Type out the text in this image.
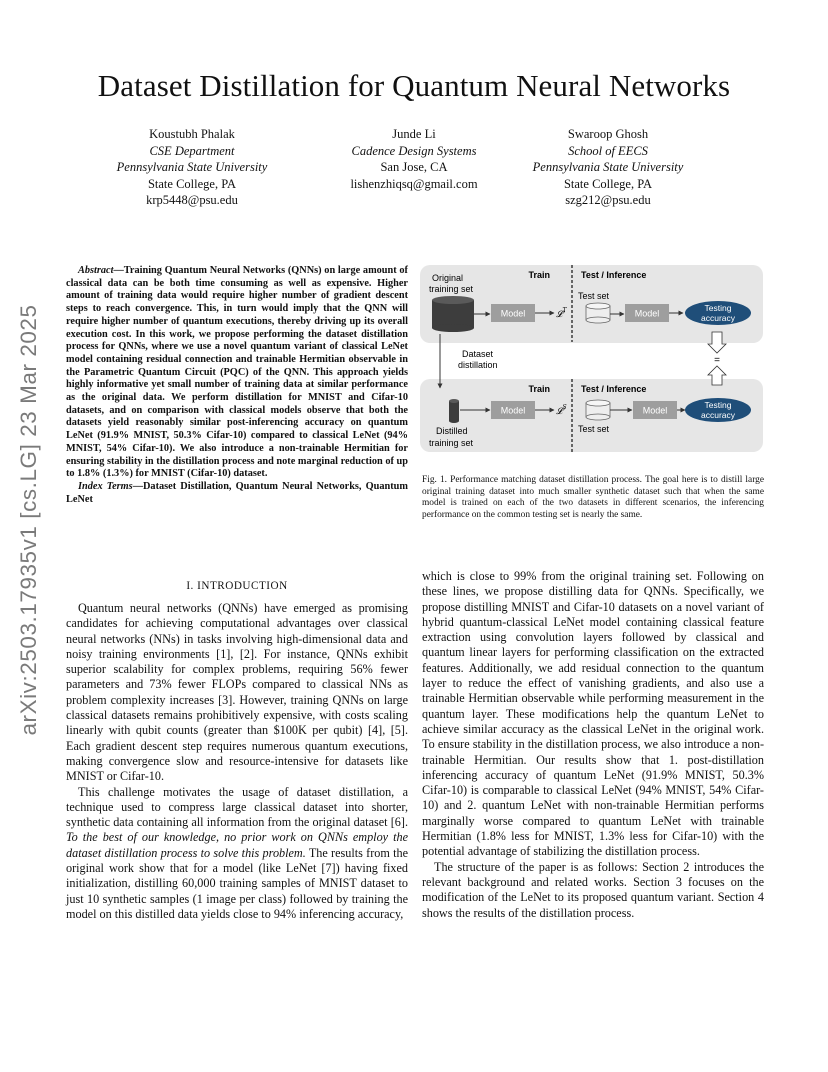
Dataset Distillation for Quantum Neural Networks
Koustubh Phalak
CSE Department
Pennsylvania State University
State College, PA
krp5448@psu.edu
Junde Li
Cadence Design Systems
San Jose, CA
lishenzhiqsq@gmail.com
Swaroop Ghosh
School of EECS
Pennsylvania State University
State College, PA
szg212@psu.edu
arXiv:2503.17935v1 [cs.LG] 23 Mar 2025

Abstract—Training Quantum Neural Networks (QNNs) on large amount of classical data can be both time consuming as well as expensive. Higher amount of training data would require higher number of gradient descent steps to reach convergence. This, in turn would imply that the QNN will require higher number of quantum executions, thereby driving up its overall execution cost. In this work, we propose performing the dataset distillation process for QNNs, where we use a novel quantum variant of classical LeNet model containing residual connection and trainable Hermitian observable in the Parametric Quantum Circuit (PQC) of the QNN. This approach yields highly informative yet small number of training data at similar performance as the original data. We perform distillation for MNIST and Cifar-10 datasets, and on comparison with classical models observe that both the datasets yield reasonably similar post-inferencing accuracy on quantum LeNet (91.9% MNIST, 50.3% Cifar-10) compared to classical LeNet (94% MNIST, 54% Cifar-10). We also introduce a non-trainable Hermitian for ensuring stability in the distillation process and note marginal reduction of up to 1.8% (1.3%) for MNIST (Cifar-10) dataset.

Index Terms—Dataset Distillation, Quantum Neural Networks, Quantum LeNet

I. INTRODUCTION

Quantum neural networks (QNNs) have emerged as promising candidates for achieving computational advantages over classical neural networks (NNs) in tasks involving high-dimensional data and noisy training environments [1], [2]. For instance, QNNs exhibit superior scalability for complex problems, requiring 56% fewer parameters and 73% fewer FLOPs compared to classical NNs as problem complexity increases [3]. However, training QNNs on large classical datasets remains prohibitively expensive, with costs scaling linearly with qubit counts (greater than $100K per qubit) [4], [5]. Each gradient descent step requires numerous quantum executions, making convergence slow and resource-intensive for datasets like MNIST or Cifar-10.

This challenge motivates the usage of dataset distillation, a technique used to compress large classical dataset into shorter, synthetic data containing all information from the original dataset [6]. To the best of our knowledge, no prior work on QNNs employ the dataset distillation process to solve this problem. The results from the original work show that for a model (like LeNet [7]) having fixed initialization, distilling 60,000 training samples of MNIST dataset to just 10 synthetic samples (1 image per class) followed by training the model on this distilled data yields close to 94% inferencing accuracy,

which is close to 99% from the original training set. Following on these lines, we propose distilling data for QNNs. Specifically, we propose distilling MNIST and Cifar-10 datasets on a novel variant of hybrid quantum-classical LeNet model containing classical feature extraction using convolution layers followed by classical and quantum linear layers for performing classification on the extracted features. Additionally, we add residual connection to the quantum layer to reduce the effect of vanishing gradients, and also use a trainable Hermitian observable while performing measurement in the quantum layer. These modifications help the quantum LeNet to achieve similar accuracy as the classical LeNet in the original work. To ensure stability in the distillation process, we also introduce a non-trainable Hermitian. Our results show that 1. post-distillation inferencing accuracy of quantum LeNet (91.9% MNIST, 50.3% Cifar-10) is comparable to classical LeNet (94% MNIST, 54% Cifar-10) and 2. quantum LeNet with non-trainable Hermitian performs marginally worse compared to quantum LeNet with trainable Hermitian (1.8% less for MNIST, 1.3% less for Cifar-10) with the potential advantage of stabilizing the distillation process.

The structure of the paper is as follows: Section 2 introduces the relevant background and related works. Section 3 focuses on the modification of the LeNet to its proposed quantum variant. Section 4 shows the results of the distillation process.

Train	Test / Inference
Test set
Original
training set
Model	𝓛$^T$	Model
Testing
accuracy
Dataset
distillation	=
Train	Test / Inference
Test set
Distilled
training set
Model	𝓛$^S$	Model
Testing
accuracy
Fig. 1. Performance matching dataset distillation process. The goal here is to distill large original training dataset into much smaller synthetic dataset such that when the same model is trained on each of the two datasets in different scenarios, the inferencing performance on the common testing set is nearly the same.
